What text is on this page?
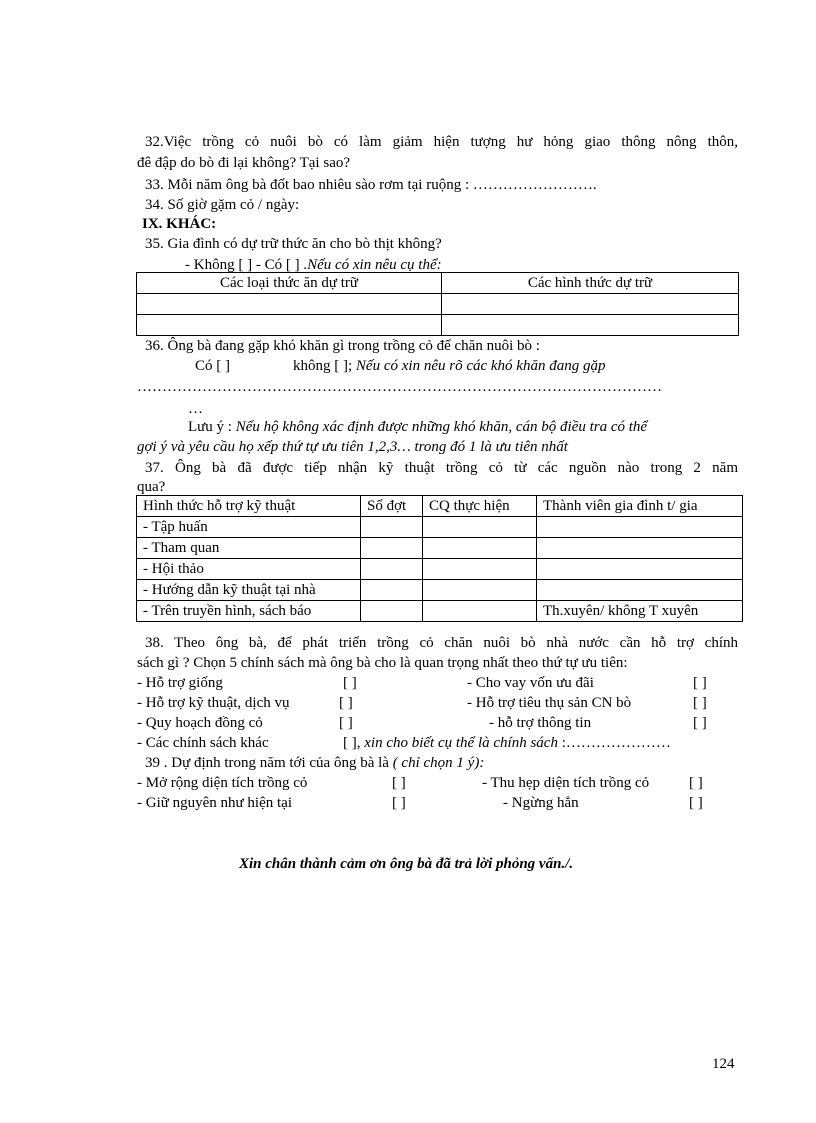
32.Việc trồng cỏ nuôi bò có làm giảm hiện tượng hư hỏng giao thông nông thôn,
đê đập do bò đi lại không? Tại sao?
33. Mỗi năm ông bà đốt bao nhiêu sào rơm tại ruộng : …………………….
34. Số giờ gặm cỏ / ngày:
IX. KHÁC:
35. Gia đình có dự trữ thức ăn cho bò thịt không?
- Không [ ] - Có [ ] .Nếu có xin nêu cụ thể:
Các loại thức ăn dự trữ	Các hình thức dự trữ

36. Ông bà đang gặp khó khăn gì trong trồng cỏ để chăn nuôi bò :
Có [ ]	không [ ]; Nếu có xin nêu rõ các khó khăn đang gặp
……………………………………………………………………………………………
…
Lưu ý : Nếu hộ không xác định được những khó khăn, cán bộ điều tra có thể
gợi ý và yêu cầu họ xếp thứ tự ưu tiên 1,2,3… trong đó 1 là ưu tiên nhất
37. Ông bà đã được tiếp nhận kỹ thuật trồng cỏ từ các nguồn nào trong 2 năm
qua?
Hình thức hỗ trợ kỹ thuật	Số đợt	CQ thực hiện	Thành viên gia đình t/ gia
- Tập huấn			
- Tham quan			
- Hội thảo			
- Hướng dẫn kỹ thuật tại nhà			
- Trên truyền hình, sách báo			Th.xuyên/ không T xuyên
38. Theo ông bà, để phát triển trồng cỏ chăn nuôi bò nhà nước cần hỗ trợ chính
sách gì ? Chọn 5 chính sách mà ông bà cho là quan trọng nhất theo thứ tự ưu tiên:
- Hỗ trợ giống	[ ]	- Cho vay vốn ưu đãi	[ ]
- Hỗ trợ kỹ thuật, dịch vụ	[ ]	- Hỗ trợ tiêu thụ sản CN bò	[ ]
- Quy hoạch đồng cỏ	[ ]	- hỗ trợ thông tin	[ ]
- Các chính sách khác	[ ], xin cho biết cụ thể là chính sách :…………………
39 . Dự định trong năm tới của ông bà là ( chỉ chọn 1 ý):
- Mở rộng diện tích trồng cỏ	[ ]	- Thu hẹp diện tích trồng cỏ	[ ]
- Giữ nguyên như hiện tại	[ ]	- Ngừng hẳn	[ ]
Xin chân thành cảm ơn ông bà đã trả lời phỏng vấn./.
124
